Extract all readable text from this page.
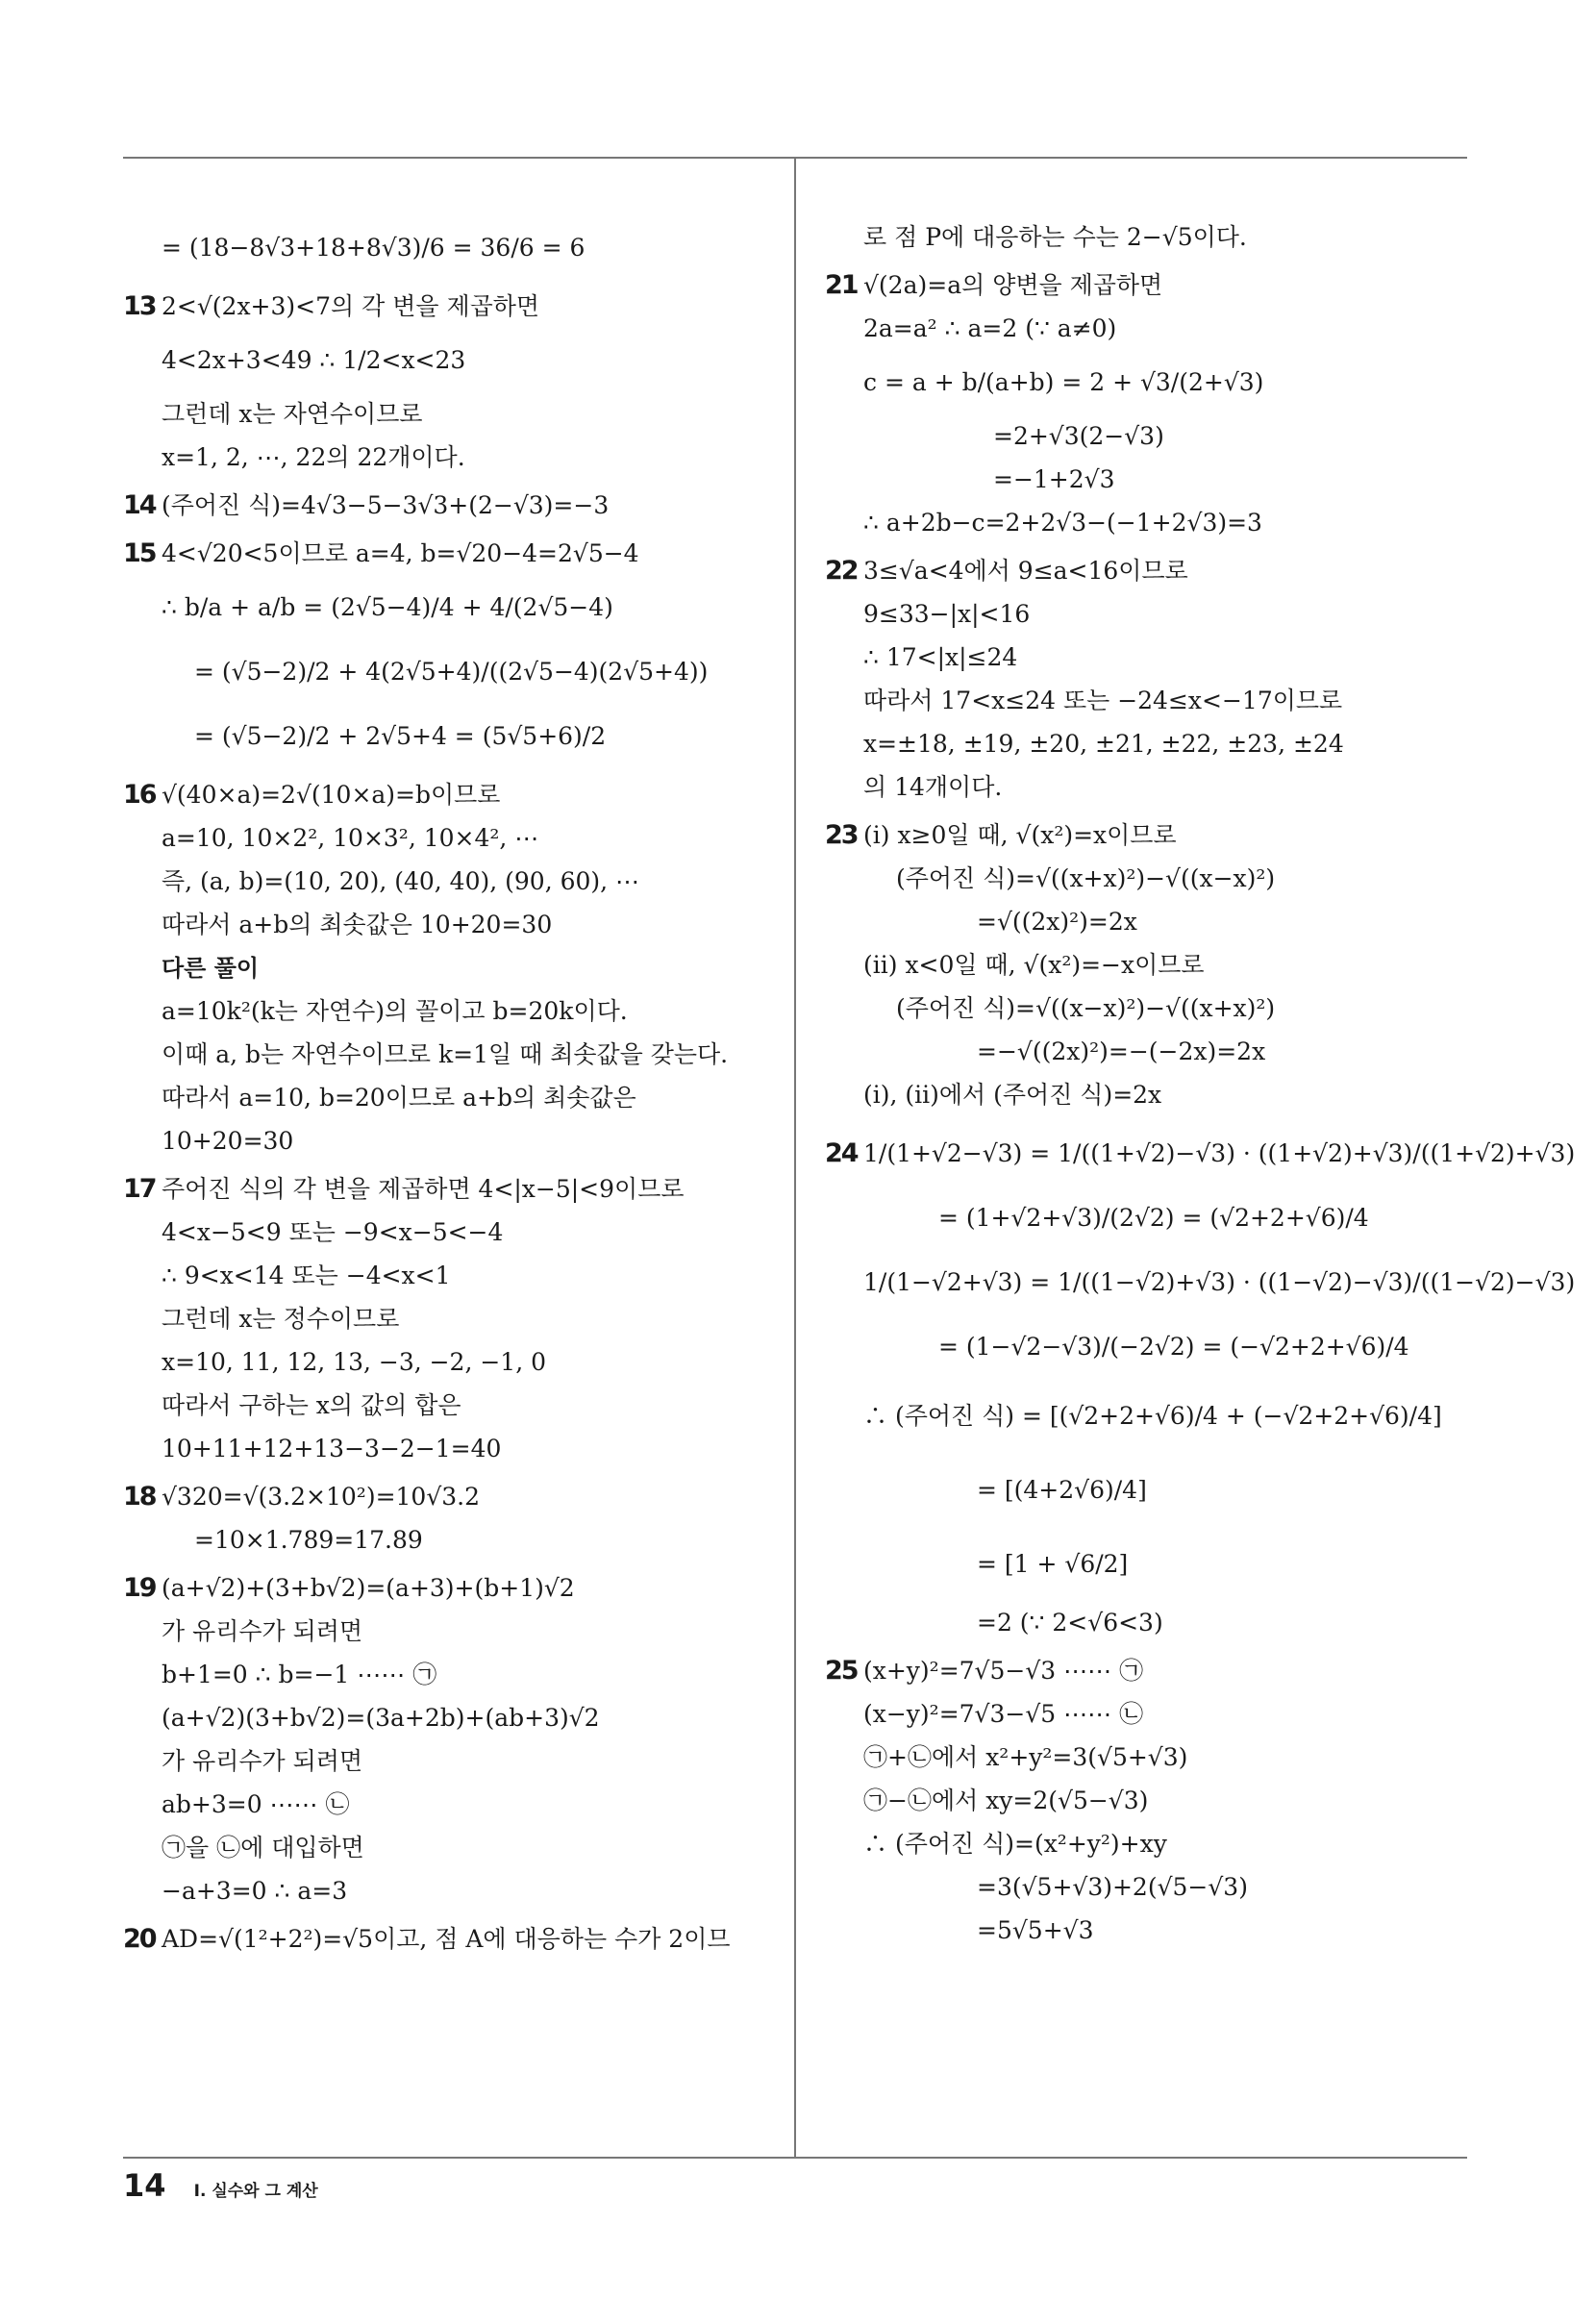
= (18−8√3+18+8√3)/6 = 36/6 = 6
13 2<√(2x+3)<7의 각 변을 제곱하면
4<2x+3<49 ∴ 1/2<x<23
그런데 x는 자연수이므로
x=1, 2, ⋯, 22의 22개이다.
14 (주어진 식)=4√3−5−3√3+(2−√3)=−3
15 4<√20<5이므로 a=4, b=√20−4=2√5−4
∴ b/a + a/b = (2√5−4)/4 + 4/(2√5−4)
= (√5−2)/2 + 4(2√5+4)/((2√5−4)(2√5+4))
= (√5−2)/2 + 2√5+4 = (5√5+6)/2
16 √(40×a)=2√(10×a)=b이므로
a=10, 10×2², 10×3², 10×4², ⋯
즉, (a, b)=(10, 20), (40, 40), (90, 60), ⋯
따라서 a+b의 최솟값은 10+20=30
다른 풀이
a=10k²(k는 자연수)의 꼴이고 b=20k이다.
이때 a, b는 자연수이므로 k=1일 때 최솟값을 갖는다.
따라서 a=10, b=20이므로 a+b의 최솟값은
10+20=30
17 주어진 식의 각 변을 제곱하면 4<|x−5|<9이므로
4<x−5<9 또는 −9<x−5<−4
∴ 9<x<14 또는 −4<x<1
그런데 x는 정수이므로
x=10, 11, 12, 13, −3, −2, −1, 0
따라서 구하는 x의 값의 합은
10+11+12+13−3−2−1=40
18 √320=√(3.2×10²)=10√3.2
=10×1.789=17.89
19 (a+√2)+(3+b√2)=(a+3)+(b+1)√2
가 유리수가 되려면
b+1=0 ∴ b=−1 ⋯⋯ ㉠
(a+√2)(3+b√2)=(3a+2b)+(ab+3)√2
가 유리수가 되려면
ab+3=0 ⋯⋯ ㉡
㉠을 ㉡에 대입하면
−a+3=0 ∴ a=3
20 AD=√(1²+2²)=√5이고, 점 A에 대응하는 수가 2이므
로 점 P에 대응하는 수는 2−√5이다.
21 √(2a)=a의 양변을 제곱하면
2a=a² ∴ a=2 (∵ a≠0)
c = a + b/(a+b) = 2 + √3/(2+√3)
=2+√3(2−√3)
=−1+2√3
∴ a+2b−c=2+2√3−(−1+2√3)=3
22 3≤√a<4에서 9≤a<16이므로
9≤33−|x|<16
∴ 17<|x|≤24
따라서 17<x≤24 또는 −24≤x<−17이므로
x=±18, ±19, ±20, ±21, ±22, ±23, ±24
의 14개이다.
23 (ⅰ) x≥0일 때, √(x²)=x이므로
(주어진 식)=√((x+x)²)−√((x−x)²)
=√((2x)²)=2x
(ⅱ) x<0일 때, √(x²)=−x이므로
(주어진 식)=√((x−x)²)−√((x+x)²)
=−√((2x)²)=−(−2x)=2x
(ⅰ), (ⅱ)에서 (주어진 식)=2x
24 1/(1+√2−√3) = 1/((1+√2)−√3) · ((1+√2)+√3)/((1+√2)+√3)
= (1+√2+√3)/(2√2) = (√2+2+√6)/4
1/(1−√2+√3) = 1/((1−√2)+√3) · ((1−√2)−√3)/((1−√2)−√3)
= (1−√2−√3)/(−2√2) = (−√2+2+√6)/4
∴ (주어진 식) = [(√2+2+√6)/4 + (−√2+2+√6)/4]
= [(4+2√6)/4]
= [1 + √6/2]
=2 (∵ 2<√6<3)
25 (x+y)²=7√5−√3 ⋯⋯ ㉠
(x−y)²=7√3−√5 ⋯⋯ ㉡
㉠+㉡에서 x²+y²=3(√5+√3)
㉠−㉡에서 xy=2(√5−√3)
∴ (주어진 식)=(x²+y²)+xy
=3(√5+√3)+2(√5−√3)
=5√5+√3
14 Ⅰ. 실수와 그 계산
